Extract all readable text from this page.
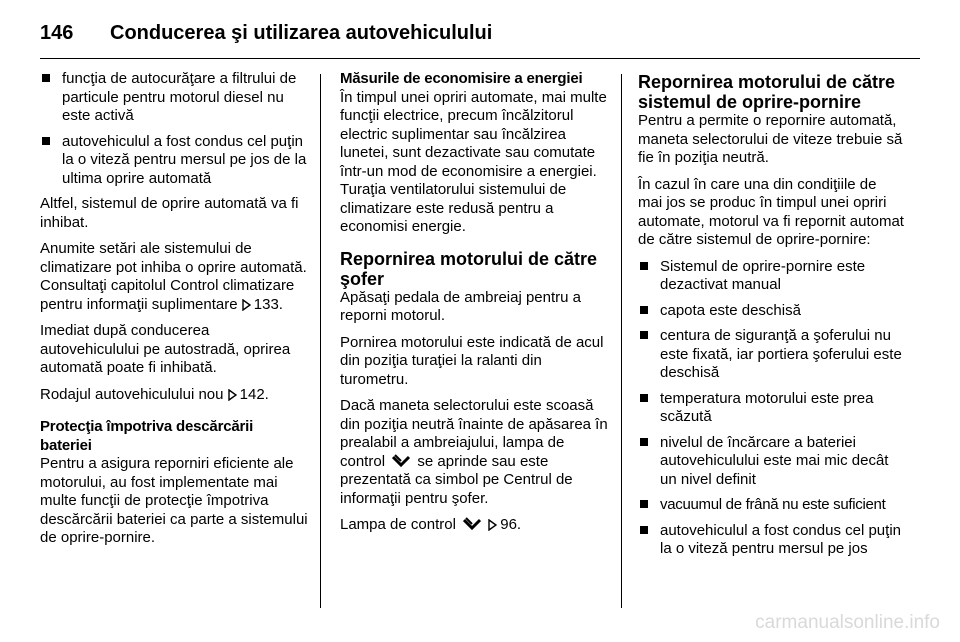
146	Conducerea şi utilizarea autovehiculului
funcţia de autocurăţare a filtrului de particule pentru motorul diesel nu este activă
autovehiculul a fost condus cel puţin la o viteză pentru mersul pe jos de la ultima oprire automată

Altfel, sistemul de oprire automată va fi inhibat.

Anumite setări ale sistemului de climatizare pot inhiba o oprire automată. Consultaţi capitolul Control climatizare pentru informaţii suplimentare 133.

Imediat după conducerea autovehiculului pe autostradă, oprirea automată poate fi inhibată.

Rodajul autovehiculului nou 142.

Protecţia împotriva descărcării bateriei

Pentru a asigura reporniri eficiente ale motorului, au fost implementate mai multe funcţii de protecţie împotriva descărcării bateriei ca parte a sistemului de oprire-pornire.

Măsurile de economisire a energiei

În timpul unei opriri automate, mai multe funcţii electrice, precum încălzitorul electric suplimentar sau încălzirea lunetei, sunt dezactivate sau comutate într-un mod de economisire a energiei. Turaţia ventilatorului sistemului de climatizare este redusă pentru a economisi energie.

Repornirea motorului de către şofer

Apăsaţi pedala de ambreiaj pentru a reporni motorul.

Pornirea motorului este indicată de acul din poziţia turaţiei la ralanti din turometru.

Dacă maneta selectorului este scoasă din poziţia neutră înainte de apăsarea în prealabil a ambreiajului, lampa de control se aprinde sau este prezentată ca simbol pe Centrul de informaţii pentru şofer.

Lampa de control	96.

Repornirea motorului de către sistemul de oprire-pornire

Pentru a permite o repornire automată, maneta selectorului de viteze trebuie să fie în poziţia neutră.

În cazul în care una din condiţiile de mai jos se produc în timpul unei opriri automate, motorul va fi repornit automat de către sistemul de oprire-pornire:

Sistemul de oprire-pornire este dezactivat manual
capota este deschisă
centura de siguranţă a şoferului nu este fixată, iar portiera şoferului este deschisă
temperatura motorului este prea scăzută
nivelul de încărcare a bateriei autovehiculului este mai mic decât un nivel definit
vacuumul de frână nu este suficient
autovehiculul a fost condus cel puţin la o viteză pentru mersul pe jos
carmanualsonline.info
